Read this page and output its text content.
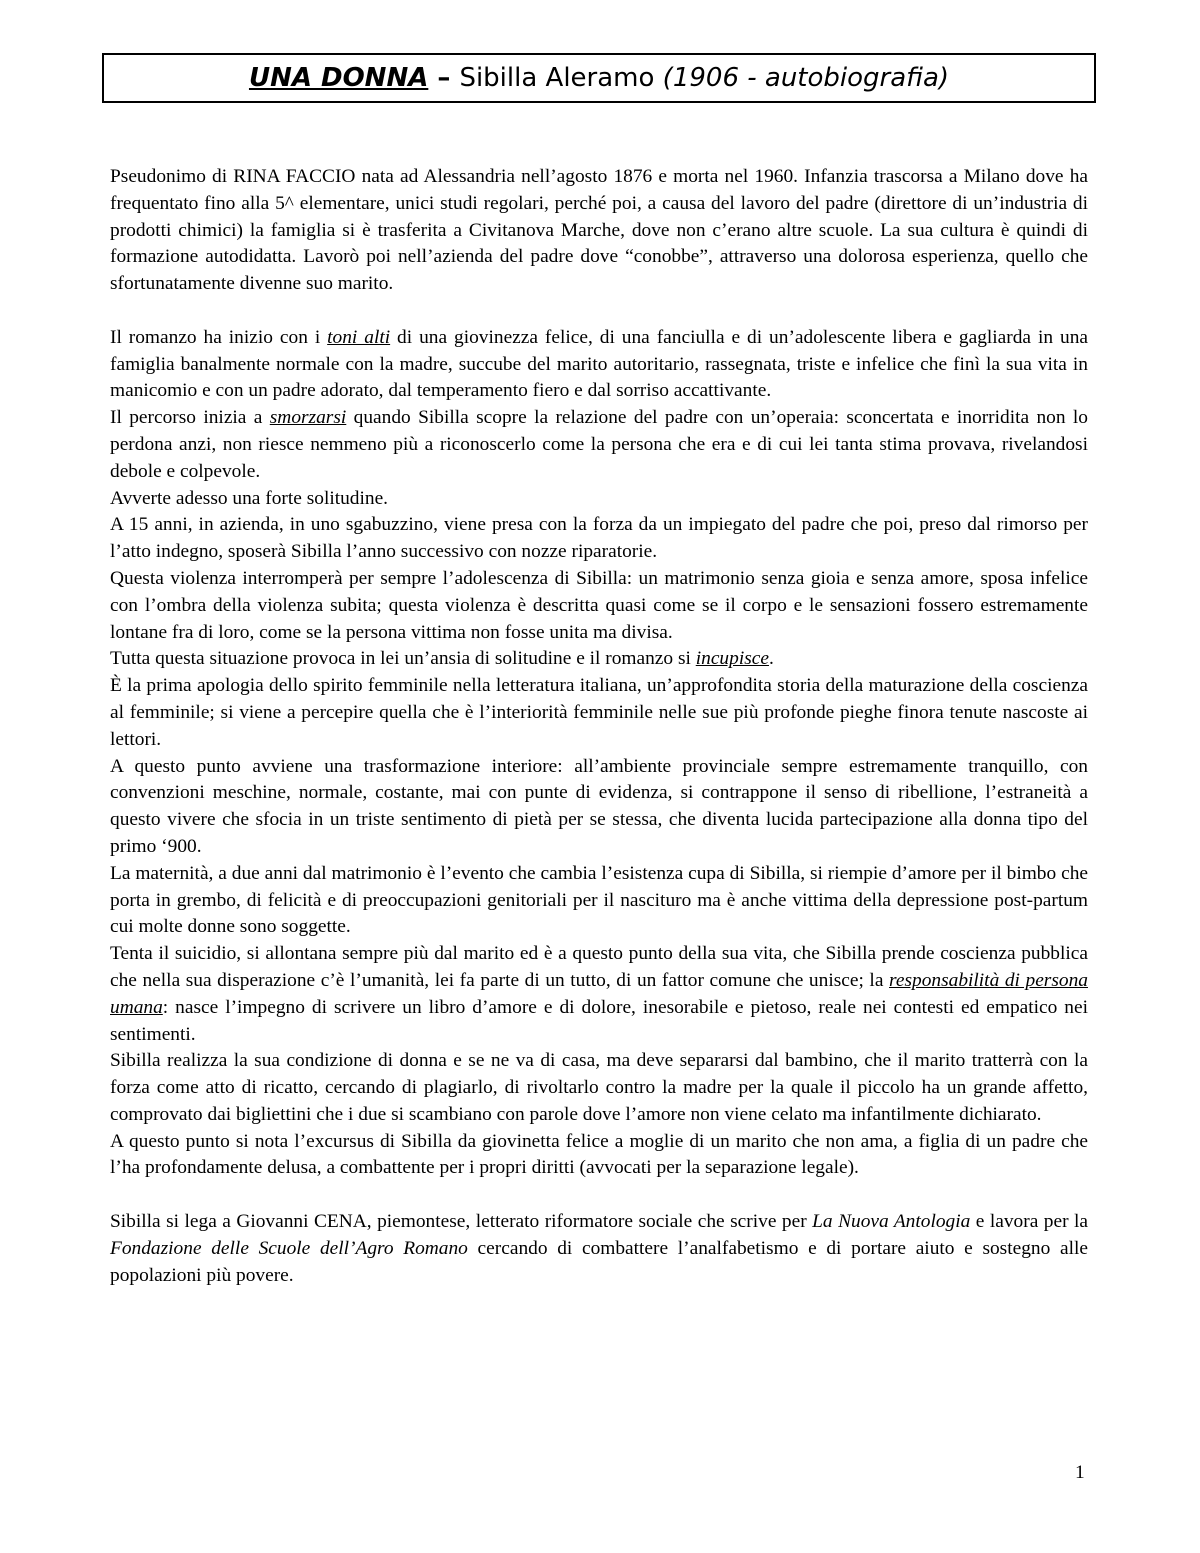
UNA DONNA – Sibilla Aleramo
(1906 - autobiografia)

Pseudonimo di RINA FACCIO nata ad Alessandria nell’agosto 1876 e morta nel 1960. Infanzia trascorsa a Milano dove ha frequentato fino alla 5^ elementare, unici studi regolari, perché poi, a causa del lavoro del padre (direttore di un’industria di prodotti chimici) la famiglia si è trasferita a Civitanova Marche, dove non c’erano altre scuole. La sua cultura è quindi di formazione autodidatta. Lavorò poi nell’azienda del padre dove “conobbe”, attraverso una dolorosa esperienza, quello che sfortunatamente divenne suo marito.

Il romanzo ha inizio con i toni alti di una giovinezza felice, di una fanciulla e di un’adolescente libera e gagliarda in una famiglia banalmente normale con la madre, succube del marito autoritario, rassegnata, triste e infelice che finì la sua vita in manicomio e con un padre adorato, dal temperamento fiero e dal sorriso accattivante.

Il percorso inizia a smorzarsi quando Sibilla scopre la relazione del padre con un’operaia: sconcertata e inorridita non lo perdona anzi, non riesce nemmeno più a riconoscerlo come la persona che era e di cui lei tanta stima provava, rivelandosi debole e colpevole.

Avverte adesso una forte solitudine.

A 15 anni, in azienda, in uno sgabuzzino, viene presa con la forza da un impiegato del padre che poi, preso dal rimorso per l’atto indegno, sposerà Sibilla l’anno successivo con nozze riparatorie.

Questa violenza interromperà per sempre l’adolescenza di Sibilla: un matrimonio senza gioia e senza amore, sposa infelice con l’ombra della violenza subita; questa violenza è descritta quasi come se il corpo e le sensazioni fossero estremamente lontane fra di loro, come se la persona vittima non fosse unita ma divisa.

Tutta questa situazione provoca in lei un’ansia di solitudine e il romanzo si incupisce.

È la prima apologia dello spirito femminile nella letteratura italiana, un’approfondita storia della maturazione della coscienza al femminile; si viene a percepire quella che è l’interiorità femminile nelle sue più profonde pieghe finora tenute nascoste ai lettori.

A questo punto avviene una trasformazione interiore: all’ambiente provinciale sempre estremamente tranquillo, con convenzioni meschine, normale, costante, mai con punte di evidenza, si contrappone il senso di ribellione, l’estraneità a questo vivere che sfocia in un triste sentimento di pietà per se stessa, che diventa lucida partecipazione alla donna tipo del primo ‘900.

La maternità, a due anni dal matrimonio è l’evento che cambia l’esistenza cupa di Sibilla, si riempie d’amore per il bimbo che porta in grembo, di felicità e di preoccupazioni genitoriali per il nascituro ma è anche vittima della depressione post-partum cui molte donne sono soggette.

Tenta il suicidio, si allontana sempre più dal marito ed è a questo punto della sua vita, che Sibilla prende coscienza pubblica che nella sua disperazione c’è l’umanità, lei fa parte di un tutto, di un fattor comune che unisce; la responsabilità di persona umana: nasce l’impegno di scrivere un libro d’amore e di dolore, inesorabile e pietoso, reale nei contesti ed empatico nei sentimenti.

Sibilla realizza la sua condizione di donna e se ne va di casa, ma deve separarsi dal bambino, che il marito tratterrà con la forza come atto di ricatto, cercando di plagiarlo, di rivoltarlo contro la madre per la quale il piccolo ha un grande affetto, comprovato dai bigliettini che i due si scambiano con parole dove l’amore non viene celato ma infantilmente dichiarato.

A questo punto si nota l’excursus di Sibilla da giovinetta felice a moglie di un marito che non ama, a figlia di un padre che l’ha profondamente delusa, a combattente per i propri diritti (avvocati per la separazione legale).

Sibilla si lega a Giovanni CENA, piemontese, letterato riformatore sociale che scrive per La Nuova Antologia e lavora per la Fondazione delle Scuole dell’Agro Romano cercando di combattere l’analfabetismo e di portare aiuto e sostegno alle popolazioni più povere.

1
